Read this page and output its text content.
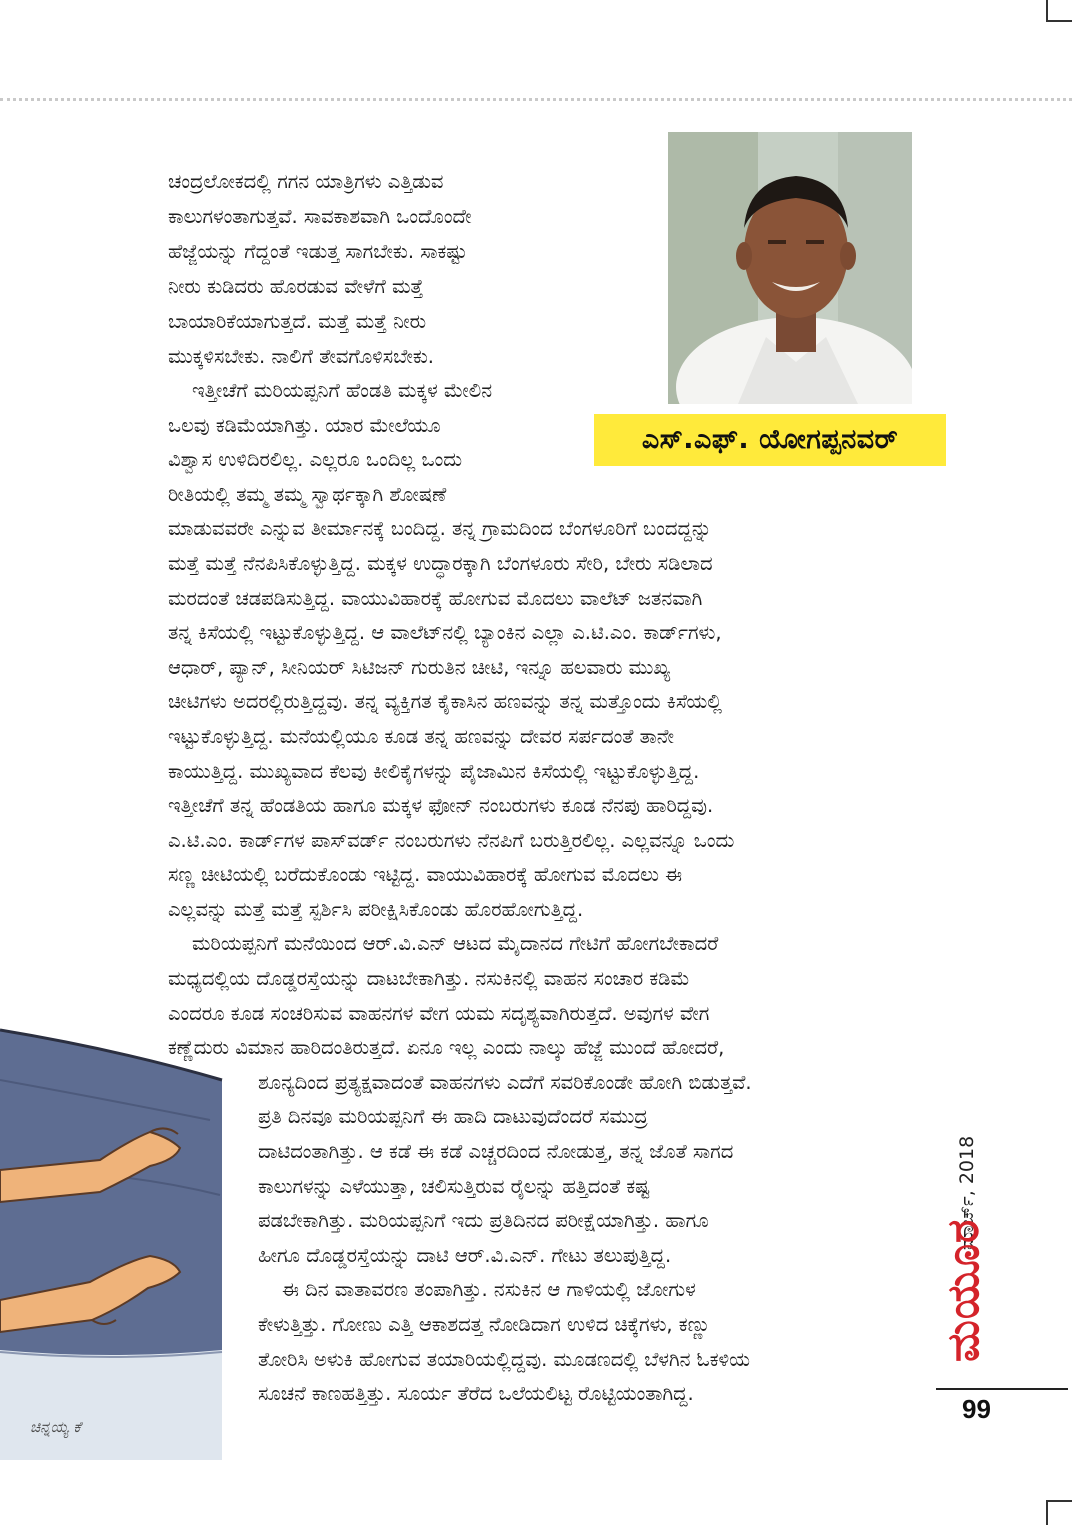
ಎಸ್.ಎಫ್. ಯೋಗಪ್ಪನವರ್
ಚಂದ್ರಲೋಕದಲ್ಲಿ ಗಗನ ಯಾತ್ರಿಗಳು ಎತ್ತಿಡುವ
ಕಾಲುಗಳಂತಾಗುತ್ತವೆ. ಸಾವಕಾಶವಾಗಿ ಒಂದೊಂದೇ
ಹೆಜ್ಜೆಯನ್ನು ಗೆದ್ದಂತೆ ಇಡುತ್ತ ಸಾಗಬೇಕು. ಸಾಕಷ್ಟು
ನೀರು ಕುಡಿದರು ಹೊರಡುವ ವೇಳೆಗೆ ಮತ್ತೆ
ಬಾಯಾರಿಕೆಯಾಗುತ್ತದೆ. ಮತ್ತೆ ಮತ್ತೆ ನೀರು
ಮುಕ್ಕಳಿಸಬೇಕು. ನಾಲಿಗೆ ತೇವಗೊಳಿಸಬೇಕು.
ಇತ್ತೀಚೆಗೆ ಮರಿಯಪ್ಪನಿಗೆ ಹೆಂಡತಿ ಮಕ್ಕಳ ಮೇಲಿನ
ಒಲವು ಕಡಿಮೆಯಾಗಿತ್ತು. ಯಾರ ಮೇಲೆಯೂ
ವಿಶ್ವಾಸ ಉಳಿದಿರಲಿಲ್ಲ. ಎಲ್ಲರೂ ಒಂದಿಲ್ಲ ಒಂದು
ರೀತಿಯಲ್ಲಿ ತಮ್ಮ ತಮ್ಮ ಸ್ವಾರ್ಥಕ್ಕಾಗಿ ಶೋಷಣೆ
ಮಾಡುವವರೇ ಎನ್ನುವ ತೀರ್ಮಾನಕ್ಕೆ ಬಂದಿದ್ದ. ತನ್ನ ಗ್ರಾಮದಿಂದ ಬೆಂಗಳೂರಿಗೆ ಬಂದದ್ದನ್ನು
ಮತ್ತೆ ಮತ್ತೆ ನೆನಪಿಸಿಕೊಳ್ಳುತ್ತಿದ್ದ. ಮಕ್ಕಳ ಉದ್ಧಾರಕ್ಕಾಗಿ ಬೆಂಗಳೂರು ಸೇರಿ, ಬೇರು ಸಡಿಲಾದ
ಮರದಂತೆ ಚಡಪಡಿಸುತ್ತಿದ್ದ. ವಾಯುವಿಹಾರಕ್ಕೆ ಹೋಗುವ ಮೊದಲು ವಾಲೆಟ್ ಜತನವಾಗಿ
ತನ್ನ ಕಿಸೆಯಲ್ಲಿ ಇಟ್ಟುಕೊಳ್ಳುತ್ತಿದ್ದ. ಆ ವಾಲೆಟ್‌ನಲ್ಲಿ ಬ್ಯಾಂಕಿನ ಎಲ್ಲಾ ಎ.ಟಿ.ಎಂ. ಕಾರ್ಡ್‌ಗಳು,
ಆಧಾರ್, ಪ್ಯಾನ್, ಸೀನಿಯರ್ ಸಿಟಿಜನ್ ಗುರುತಿನ ಚೀಟಿ, ಇನ್ನೂ ಹಲವಾರು ಮುಖ್ಯ
ಚೀಟಿಗಳು ಅದರಲ್ಲಿರುತ್ತಿದ್ದವು. ತನ್ನ ವ್ಯಕ್ತಿಗತ ಕೈಕಾಸಿನ ಹಣವನ್ನು ತನ್ನ ಮತ್ತೊಂದು ಕಿಸೆಯಲ್ಲಿ
ಇಟ್ಟುಕೊಳ್ಳುತ್ತಿದ್ದ. ಮನೆಯಲ್ಲಿಯೂ ಕೂಡ ತನ್ನ ಹಣವನ್ನು ದೇವರ ಸರ್ಪದಂತೆ ತಾನೇ
ಕಾಯುತ್ತಿದ್ದ. ಮುಖ್ಯವಾದ ಕೆಲವು ಕೀಲಿಕೈಗಳನ್ನು ಪೈಜಾಮಿನ ಕಿಸೆಯಲ್ಲಿ ಇಟ್ಟುಕೊಳ್ಳುತ್ತಿದ್ದ.
ಇತ್ತೀಚೆಗೆ ತನ್ನ ಹೆಂಡತಿಯ ಹಾಗೂ ಮಕ್ಕಳ ಫೋನ್ ನಂಬರುಗಳು ಕೂಡ ನೆನಪು ಹಾರಿದ್ದವು.
ಎ.ಟಿ.ಎಂ. ಕಾರ್ಡ್‌ಗಳ ಪಾಸ್‌ವರ್ಡ್ ನಂಬರುಗಳು ನೆನಪಿಗೆ ಬರುತ್ತಿರಲಿಲ್ಲ. ಎಲ್ಲವನ್ನೂ ಒಂದು
ಸಣ್ಣ ಚೀಟಿಯಲ್ಲಿ ಬರೆದುಕೊಂಡು ಇಟ್ಟಿದ್ದ. ವಾಯುವಿಹಾರಕ್ಕೆ ಹೋಗುವ ಮೊದಲು ಈ
ಎಲ್ಲವನ್ನು ಮತ್ತೆ ಮತ್ತೆ ಸ್ಪರ್ಶಿಸಿ ಪರೀಕ್ಷಿಸಿಕೊಂಡು ಹೊರಹೋಗುತ್ತಿದ್ದ.
ಮರಿಯಪ್ಪನಿಗೆ ಮನೆಯಿಂದ ಆರ್.ವಿ.ಎನ್ ಆಟದ ಮೈದಾನದ ಗೇಟಿಗೆ ಹೋಗಬೇಕಾದರೆ
ಮಧ್ಯದಲ್ಲಿಯ ದೊಡ್ಡರಸ್ತೆಯನ್ನು ದಾಟಬೇಕಾಗಿತ್ತು. ನಸುಕಿನಲ್ಲಿ ವಾಹನ ಸಂಚಾರ ಕಡಿಮೆ
ಎಂದರೂ ಕೂಡ ಸಂಚರಿಸುವ ವಾಹನಗಳ ವೇಗ ಯಮ ಸದೃಶ್ಯವಾಗಿರುತ್ತದೆ. ಅವುಗಳ ವೇಗ
ಕಣ್ಣೆದುರು ವಿಮಾನ ಹಾರಿದಂತಿರುತ್ತದೆ. ಏನೂ ಇಲ್ಲ ಎಂದು ನಾಲ್ಕು ಹೆಜ್ಜೆ ಮುಂದೆ ಹೋದರೆ,
ಶೂನ್ಯದಿಂದ ಪ್ರತ್ಯಕ್ಷವಾದಂತೆ ವಾಹನಗಳು ಎದೆಗೆ ಸವರಿಕೊಂಡೇ ಹೋಗಿ ಬಿಡುತ್ತವೆ.
ಪ್ರತಿ ದಿನವೂ ಮರಿಯಪ್ಪನಿಗೆ ಈ ಹಾದಿ ದಾಟುವುದೆಂದರೆ ಸಮುದ್ರ
ದಾಟಿದಂತಾಗಿತ್ತು. ಆ ಕಡೆ ಈ ಕಡೆ ಎಚ್ಚರದಿಂದ ನೋಡುತ್ತ, ತನ್ನ ಜೊತೆ ಸಾಗದ
ಕಾಲುಗಳನ್ನು ಎಳೆಯುತ್ತಾ, ಚಲಿಸುತ್ತಿರುವ ರೈಲನ್ನು ಹತ್ತಿದಂತೆ ಕಷ್ಟ
ಪಡಬೇಕಾಗಿತ್ತು. ಮರಿಯಪ್ಪನಿಗೆ ಇದು ಪ್ರತಿದಿನದ ಪರೀಕ್ಷೆಯಾಗಿತ್ತು. ಹಾಗೂ
ಹೀಗೂ ದೊಡ್ಡರಸ್ತೆಯನ್ನು ದಾಟಿ ಆರ್.ವಿ.ಎನ್. ಗೇಟು ತಲುಪುತ್ತಿದ್ದ.
ಈ ದಿನ ವಾತಾವರಣ ತಂಪಾಗಿತ್ತು. ನಸುಕಿನ ಆ ಗಾಳಿಯಲ್ಲಿ ಜೋಗುಳ
ಕೇಳುತ್ತಿತ್ತು. ಗೋಣು ಎತ್ತಿ ಆಕಾಶದತ್ತ ನೋಡಿದಾಗ ಉಳಿದ ಚಿಕ್ಕೆಗಳು, ಕಣ್ಣು
ತೋರಿಸಿ ಅಳುಕಿ ಹೋಗುವ ತಯಾರಿಯಲ್ಲಿದ್ದವು. ಮೂಡಣದಲ್ಲಿ ಬೆಳಗಿನ ಓಕಳಿಯ
ಸೂಚನೆ ಕಾಣಹತ್ತಿತ್ತು. ಸೂರ್ಯ ತೆರೆದ ಒಲೆಯಲಿಟ್ಟ ರೊಟ್ಟಿಯಂತಾಗಿದ್ದ.
ಚಿನ್ನಯ್ಯ ಕೆ
ಮಾರ್ಚ್, 2018
ಮಯೂರ
99
